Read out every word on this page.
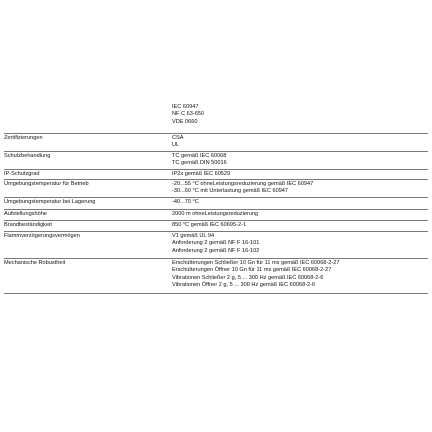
IEC 60947
NF C 63-650
VDE 0660
Zertifizierungen	CSA
UL
Schutzbehandlung	TC gemäß IEC 60068
TC gemäß DIN 50016
IP-Schutzgrad	IP2x gemäß IEC 60529
Umgebungstemperatur für Betrieb	-20...55 °C ohneLeistungsreduzierung gemäß IEC 60947
-30...60 °C mit Unterlastung gemäß IEC 60947
Umgebungstemperatur bei Lagerung	-40...70 °C
Aufstellungshöhe	2000 m ohneLeistungsreduzierung
Brandbeständigkeit	850 °C gemäß IEC 60695-2-1
Flammverzögerungsvermögen	V1 gemäß UL 94
Anforderung 2 gemäß NF F 16-101
Anforderung 2 gemäß NF F 16-102
Mechanische Robustheit	Erschütterungen Schließer 10 Gn für 11 ms gemäß IEC 60068-2-27
Erschütterungen Öffner 10 Gn für 11 ms gemäß IEC 60068-2-27
Vibrationen Schließer 2 g, 5 ... 300 Hz gemäß IEC 60068-2-6
Vibrationen Öffner 2 g, 5 ... 300 Hz gemäß IEC 60068-2-6
